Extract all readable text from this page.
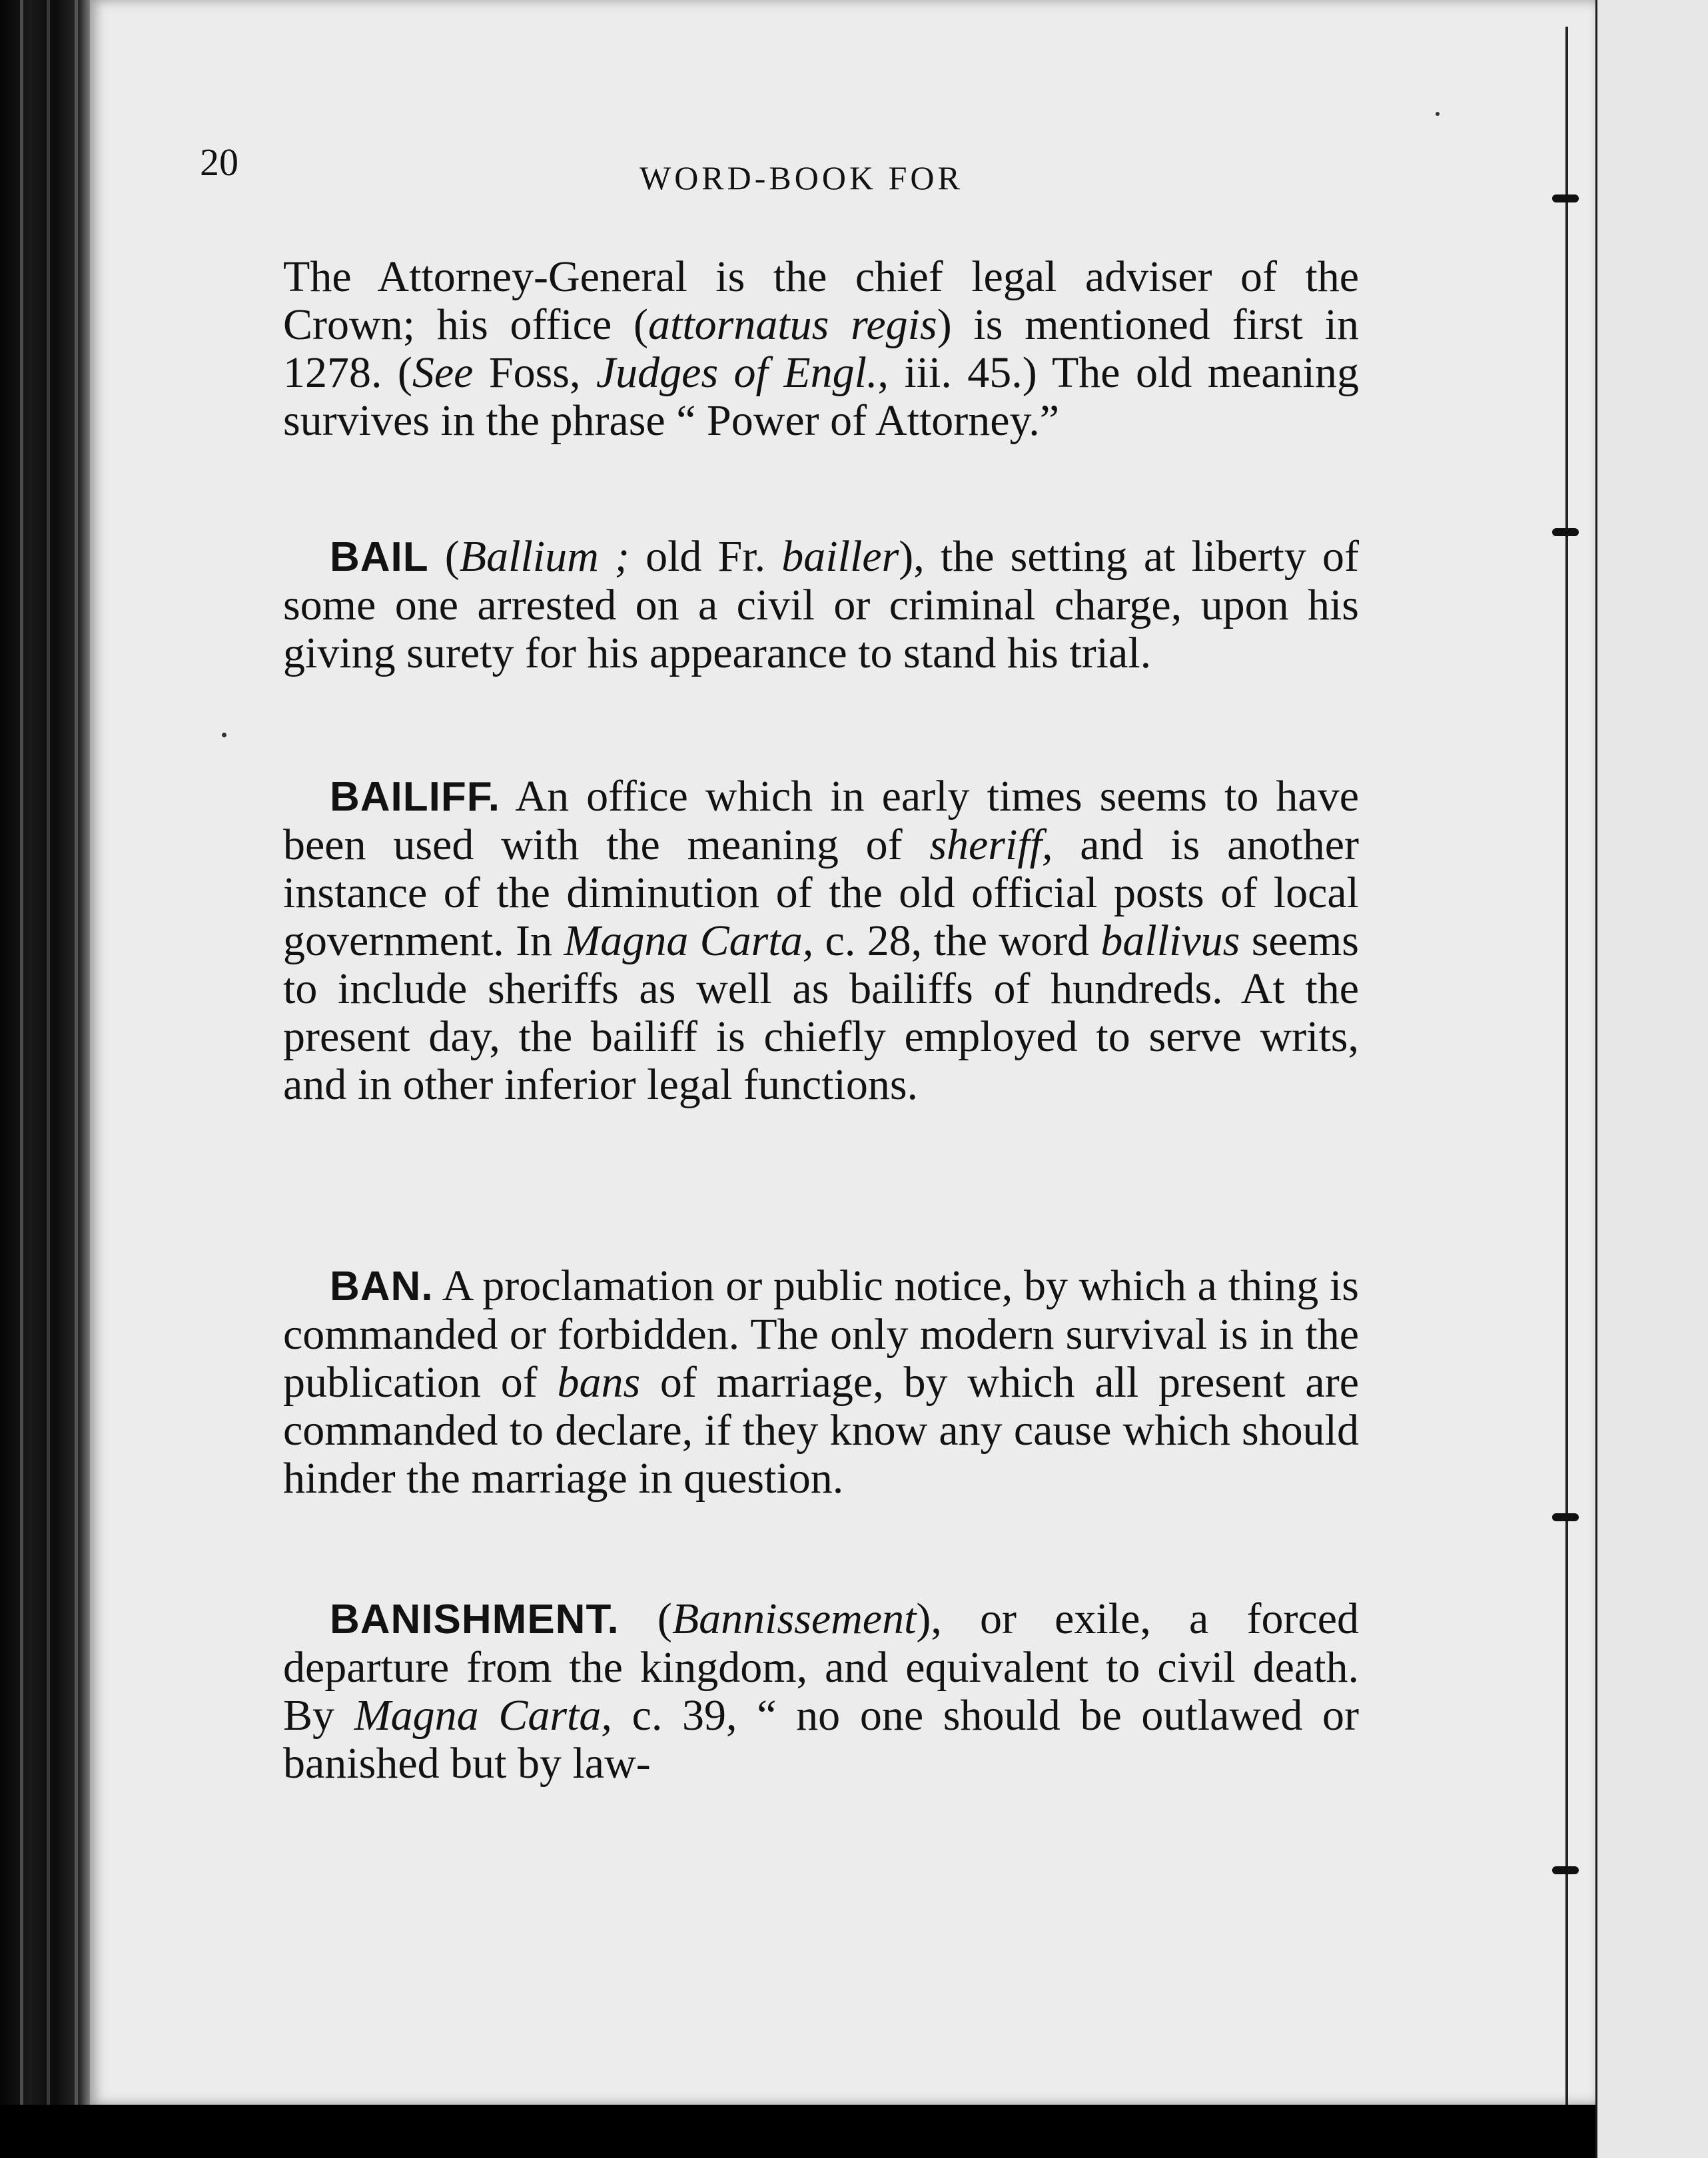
20	WORD-BOOK FOR

The Attorney-General is the chief legal adviser of the Crown; his office (attornatus regis) is mentioned first in 1278. (See Foss, Judges of Engl., iii. 45.) The old meaning survives in the phrase “ Power of Attorney.”

BAIL (Ballium ; old Fr. bailler), the setting at liberty of some one arrested on a civil or criminal charge, upon his giving surety for his appearance to stand his trial.

BAILIFF. An office which in early times seems to have been used with the meaning of sheriff, and is another instance of the diminution of the old official posts of local government. In Magna Carta, c. 28, the word ballivus seems to include sheriffs as well as bailiffs of hundreds. At the present day, the bailiff is chiefly employed to serve writs, and in other inferior legal functions.

BAN. A proclamation or public notice, by which a thing is commanded or forbidden. The only modern survival is in the publication of bans of marriage, by which all present are commanded to declare, if they know any cause which should hinder the marriage in question.

BANISHMENT. (Bannissement), or exile, a forced departure from the kingdom, and equivalent to civil death. By Magna Carta, c. 39, “ no one should be outlawed or banished but by law-
